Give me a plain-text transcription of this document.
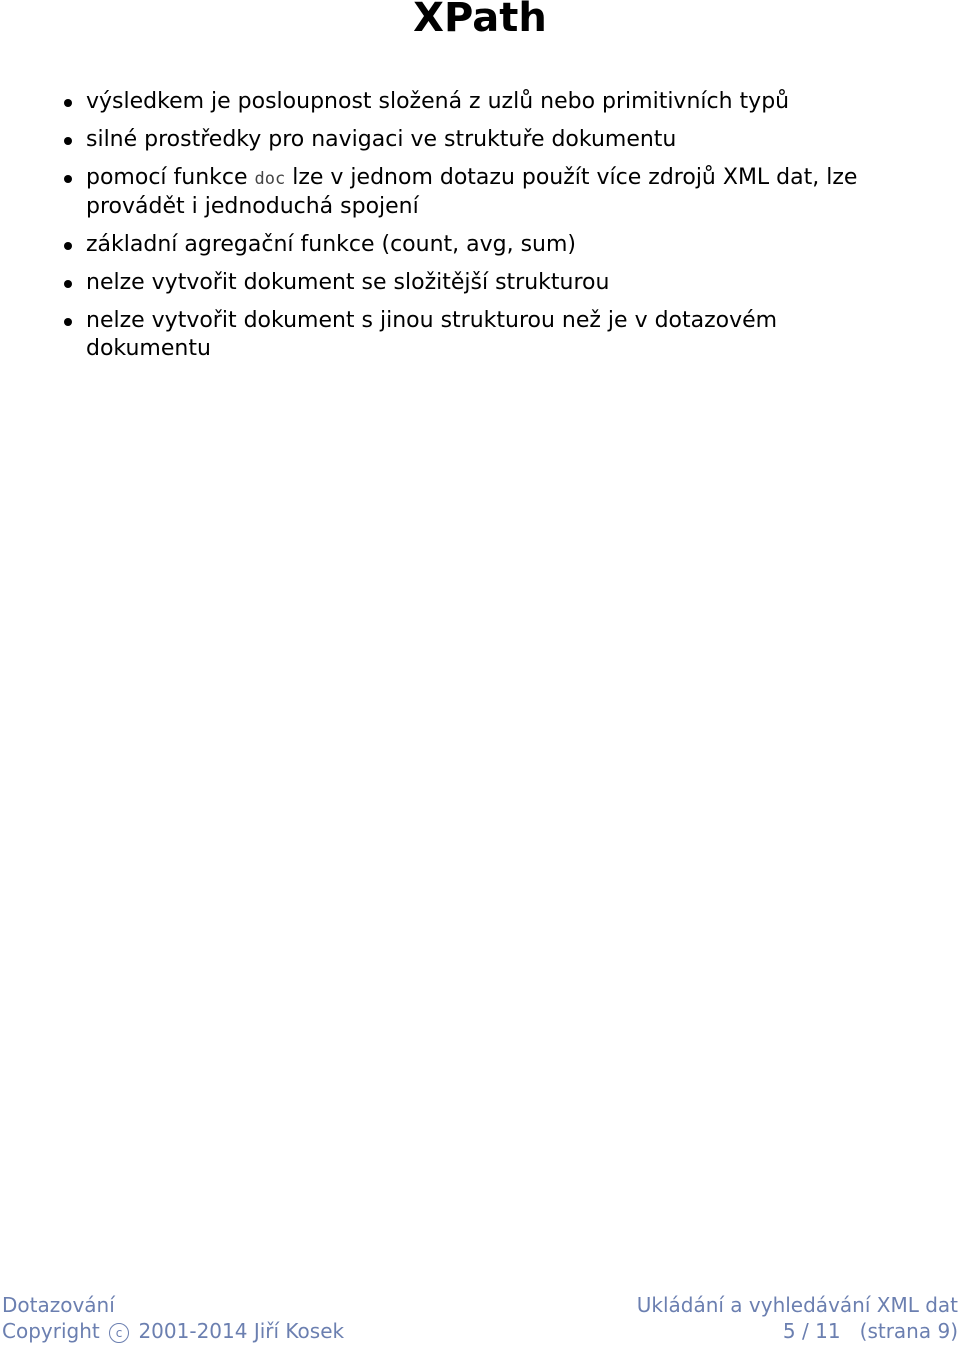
XPath
výsledkem je posloupnost složená z uzlů nebo primitivních typů
silné prostředky pro navigaci ve struktuře dokumentu
pomocí funkce doc lze v jednom dotazu použít více zdrojů XML dat, lze provádět i jednoduchá spojení
základní agregační funkce (count, avg, sum)
nelze vytvořit dokument se složitější strukturou
nelze vytvořit dokument s jinou strukturou než je v dotazovém dokumentu
Dotazování	Ukládání a vyhledávání XML dat
Copyright c 2001-2014 Jiří Kosek	5 / 11 (strana 9)
